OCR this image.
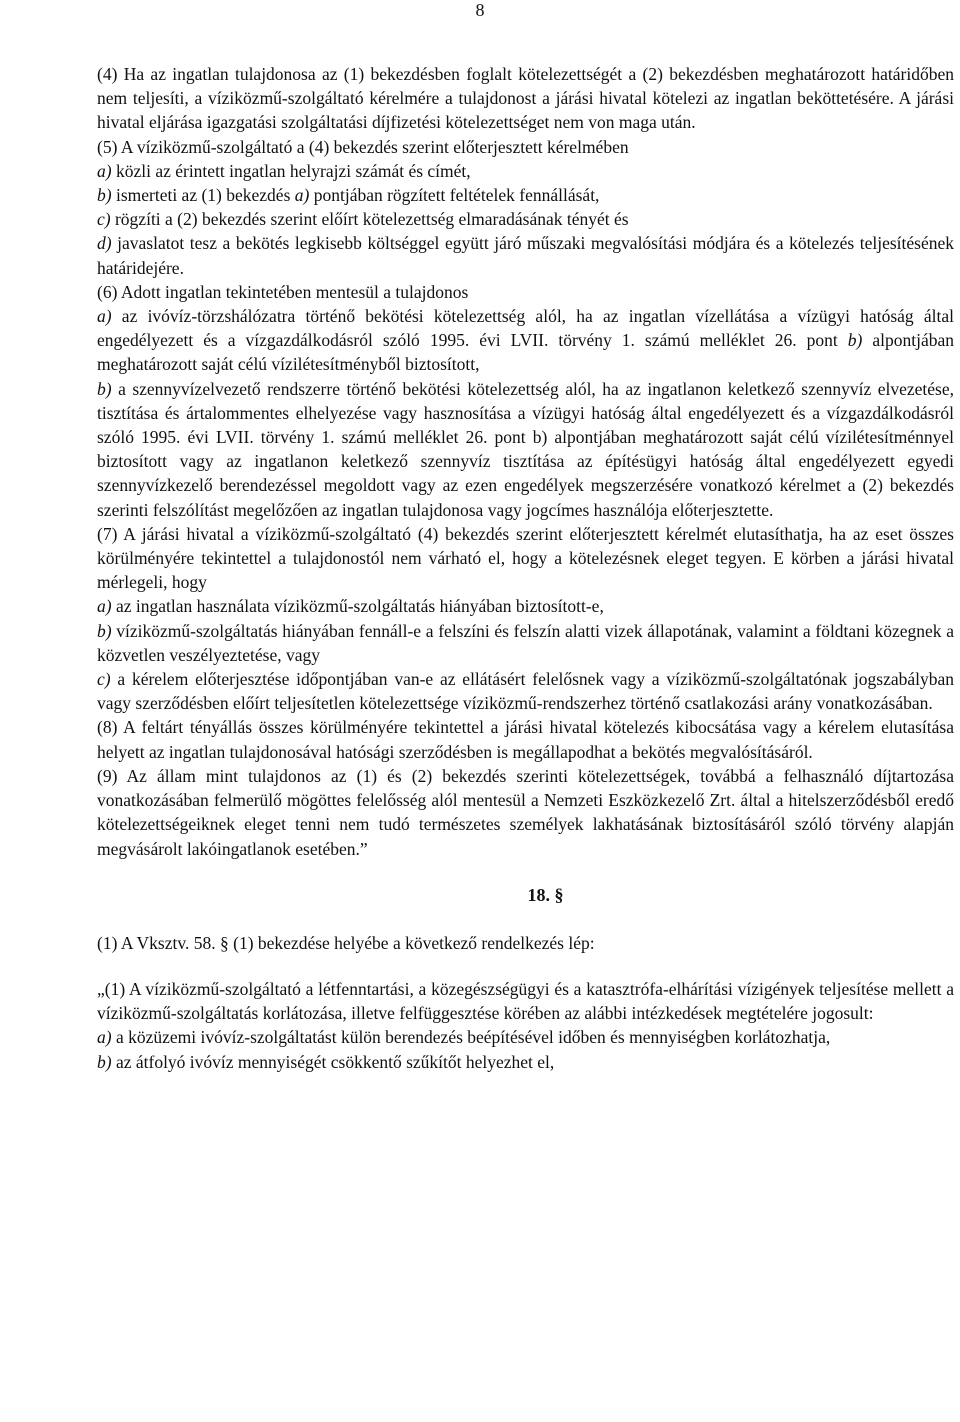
8

(4) Ha az ingatlan tulajdonosa az (1) bekezdésben foglalt kötelezettségét a (2) bekezdésben meghatározott határidőben nem teljesíti, a víziközmű-szolgáltató kérelmére a tulajdonost a járási hivatal kötelezi az ingatlan beköttetésére. A járási hivatal eljárása igazgatási szolgáltatási díjfizetési kötelezettséget nem von maga után.

(5) A víziközmű-szolgáltató a (4) bekezdés szerint előterjesztett kérelmében

a) közli az érintett ingatlan helyrajzi számát és címét,

b) ismerteti az (1) bekezdés a) pontjában rögzített feltételek fennállását,

c) rögzíti a (2) bekezdés szerint előírt kötelezettség elmaradásának tényét és

d) javaslatot tesz a bekötés legkisebb költséggel együtt járó műszaki megvalósítási módjára és a kötelezés teljesítésének határidejére.

(6) Adott ingatlan tekintetében mentesül a tulajdonos

a) az ivóvíz-törzshálózatra történő bekötési kötelezettség alól, ha az ingatlan vízellátása a vízügyi hatóság által engedélyezett és a vízgazdálkodásról szóló 1995. évi LVII. törvény 1. számú melléklet 26. pont b) alpontjában meghatározott saját célú vízilétesítményből biztosított,

b) a szennyvízelvezető rendszerre történő bekötési kötelezettség alól, ha az ingatlanon keletkező szennyvíz elvezetése, tisztítása és ártalommentes elhelyezése vagy hasznosítása a vízügyi hatóság által engedélyezett és a vízgazdálkodásról szóló 1995. évi LVII. törvény 1. számú melléklet 26. pont b) alpontjában meghatározott saját célú vízilétesítménnyel biztosított vagy az ingatlanon keletkező szennyvíz tisztítása az építésügyi hatóság által engedélyezett egyedi szennyvízkezelő berendezéssel megoldott vagy az ezen engedélyek megszerzésére vonatkozó kérelmet a (2) bekezdés szerinti felszólítást megelőzően az ingatlan tulajdonosa vagy jogcímes használója előterjesztette.

(7) A járási hivatal a víziközmű-szolgáltató (4) bekezdés szerint előterjesztett kérelmét elutasíthatja, ha az eset összes körülményére tekintettel a tulajdonostól nem várható el, hogy a kötelezésnek eleget tegyen. E körben a járási hivatal mérlegeli, hogy

a) az ingatlan használata víziközmű-szolgáltatás hiányában biztosított-e,

b) víziközmű-szolgáltatás hiányában fennáll-e a felszíni és felszín alatti vizek állapotának, valamint a földtani közegnek a közvetlen veszélyeztetése, vagy

c) a kérelem előterjesztése időpontjában van-e az ellátásért felelősnek vagy a víziközmű-szolgáltatónak jogszabályban vagy szerződésben előírt teljesítetlen kötelezettsége víziközmű-rendszerhez történő csatlakozási arány vonatkozásában.

(8) A feltárt tényállás összes körülményére tekintettel a járási hivatal kötelezés kibocsátása vagy a kérelem elutasítása helyett az ingatlan tulajdonosával hatósági szerződésben is megállapodhat a bekötés megvalósításáról.

(9) Az állam mint tulajdonos az (1) és (2) bekezdés szerinti kötelezettségek, továbbá a felhasználó díjtartozása vonatkozásában felmerülő mögöttes felelősség alól mentesül a Nemzeti Eszközkezelő Zrt. által a hitelszerződésből eredő kötelezettségeiknek eleget tenni nem tudó természetes személyek lakhatásának biztosításáról szóló törvény alapján megvásárolt lakóingatlanok esetében.”

18. §

(1) A Vksztv. 58. § (1) bekezdése helyébe a következő rendelkezés lép:

„(1) A víziközmű-szolgáltató a létfenntartási, a közegészségügyi és a katasztrófa-elhárítási vízigények teljesítése mellett a víziközmű-szolgáltatás korlátozása, illetve felfüggesztése körében az alábbi intézkedések megtételére jogosult:

a) a közüzemi ivóvíz-szolgáltatást külön berendezés beépítésével időben és mennyiségben korlátozhatja,

b) az átfolyó ivóvíz mennyiségét csökkentő szűkítőt helyezhet el,
